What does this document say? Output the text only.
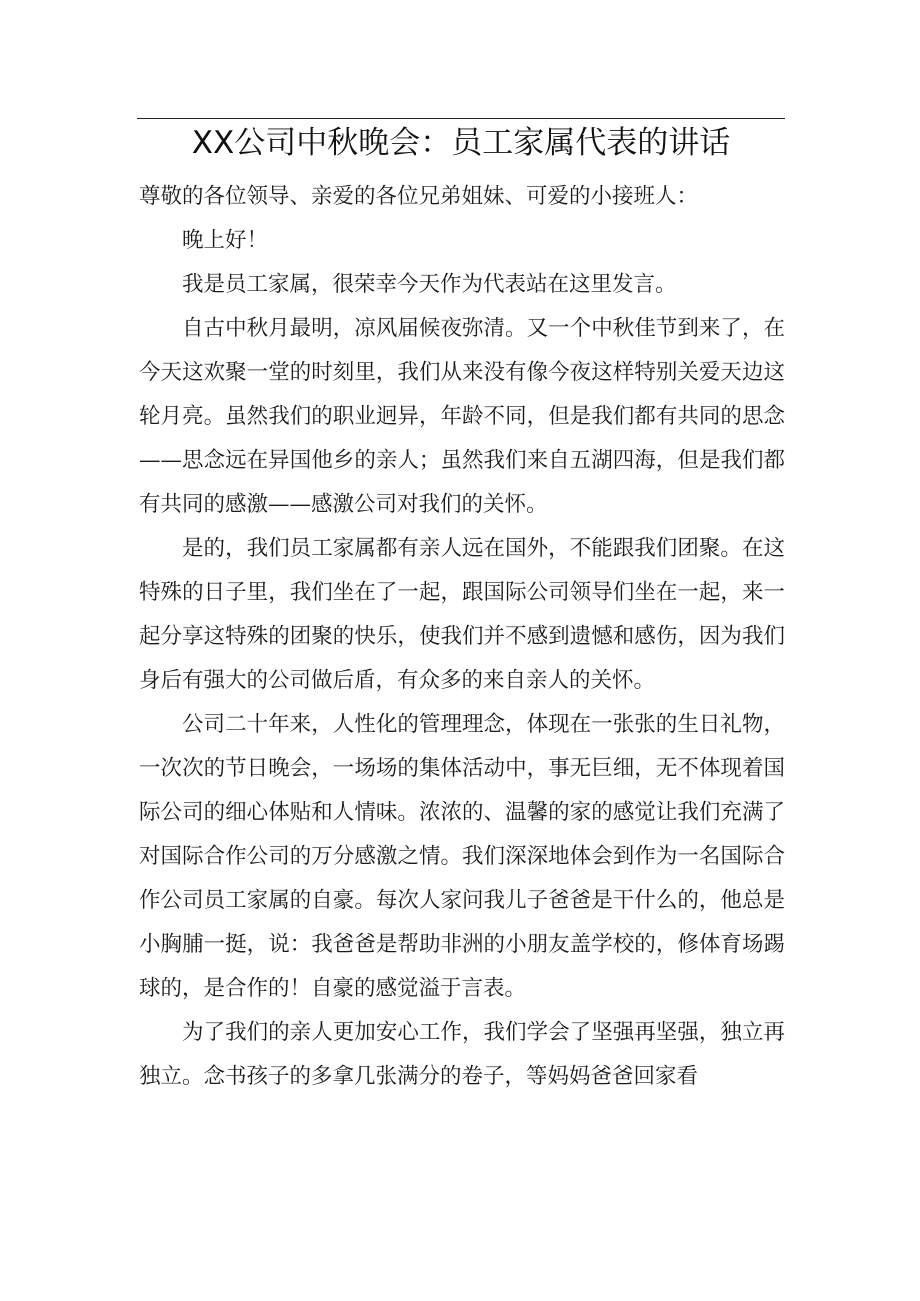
XX公司中秋晚会：员工家属代表的讲话

尊敬的各位领导、亲爱的各位兄弟姐妹、可爱的小接班人：

晚上好！

我是员工家属，很荣幸今天作为代表站在这里发言。

自古中秋月最明，凉风届候夜弥清。又一个中秋佳节到来了，在今天这欢聚一堂的时刻里，我们从来没有像今夜这样特别关爱天边这轮月亮。虽然我们的职业迥异，年龄不同，但是我们都有共同的思念——思念远在异国他乡的亲人；虽然我们来自五湖四海，但是我们都有共同的感激——感激公司对我们的关怀。

是的，我们员工家属都有亲人远在国外，不能跟我们团聚。在这特殊的日子里，我们坐在了一起，跟国际公司领导们坐在一起，来一起分享这特殊的团聚的快乐，使我们并不感到遗憾和感伤，因为我们身后有强大的公司做后盾，有众多的来自亲人的关怀。

公司二十年来，人性化的管理理念，体现在一张张的生日礼物，一次次的节日晚会，一场场的集体活动中，事无巨细，无不体现着国际公司的细心体贴和人情味。浓浓的、温馨的家的感觉让我们充满了对国际合作公司的万分感激之情。我们深深地体会到作为一名国际合作公司员工家属的自豪。每次人家问我儿子爸爸是干什么的，他总是小胸脯一挺，说：我爸爸是帮助非洲的小朋友盖学校的，修体育场踢球的，是合作的！自豪的感觉溢于言表。

为了我们的亲人更加安心工作，我们学会了坚强再坚强，独立再独立。念书孩子的多拿几张满分的卷子，等妈妈爸爸回家看
